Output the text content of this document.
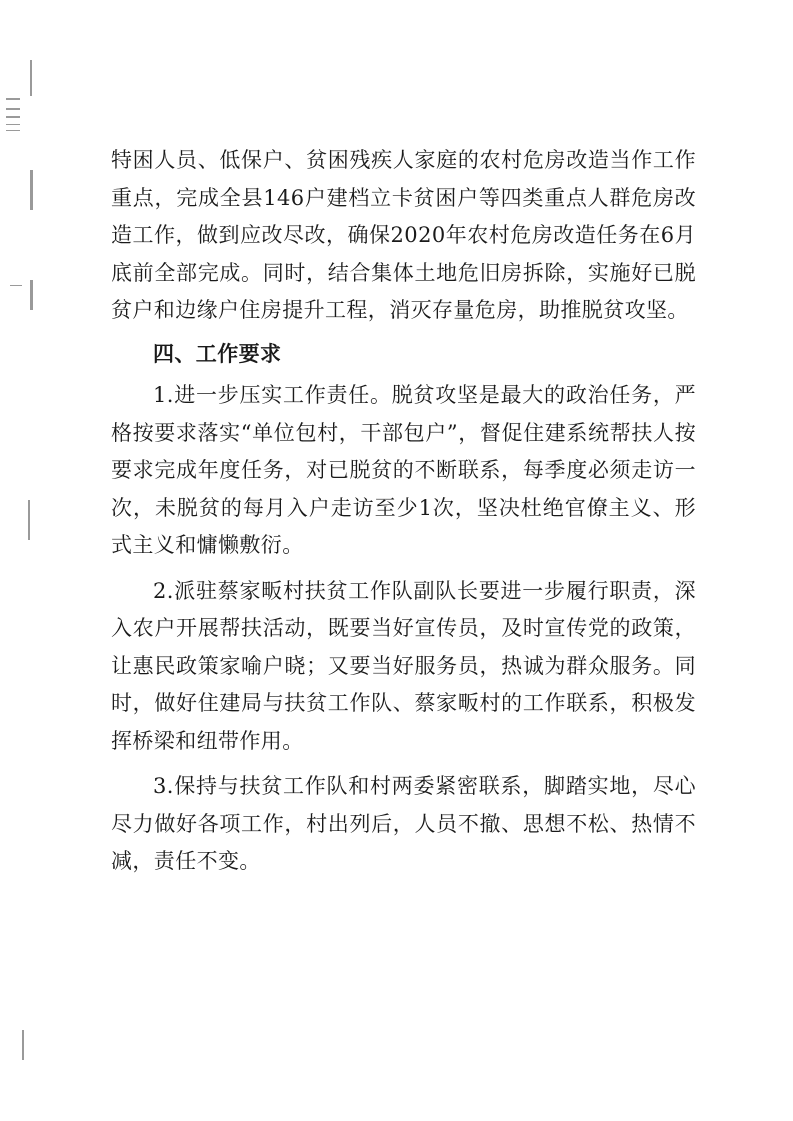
特困人员、低保户、贫困残疾人家庭的农村危房改造当作工作重点，完成全县146户建档立卡贫困户等四类重点人群危房改造工作，做到应改尽改，确保2020年农村危房改造任务在6月底前全部完成。同时，结合集体土地危旧房拆除，实施好已脱贫户和边缘户住房提升工程，消灭存量危房，助推脱贫攻坚。

四、工作要求

1.进一步压实工作责任。脱贫攻坚是最大的政治任务，严格按要求落实“单位包村，干部包户”，督促住建系统帮扶人按要求完成年度任务，对已脱贫的不断联系，每季度必须走访一次，未脱贫的每月入户走访至少1次，坚决杜绝官僚主义、形式主义和慵懒敷衍。

2.派驻蔡家畈村扶贫工作队副队长要进一步履行职责，深入农户开展帮扶活动，既要当好宣传员，及时宣传党的政策，让惠民政策家喻户晓；又要当好服务员，热诚为群众服务。同时，做好住建局与扶贫工作队、蔡家畈村的工作联系，积极发挥桥梁和纽带作用。

3.保持与扶贫工作队和村两委紧密联系，脚踏实地，尽心尽力做好各项工作，村出列后，人员不撤、思想不松、热情不减，责任不变。
